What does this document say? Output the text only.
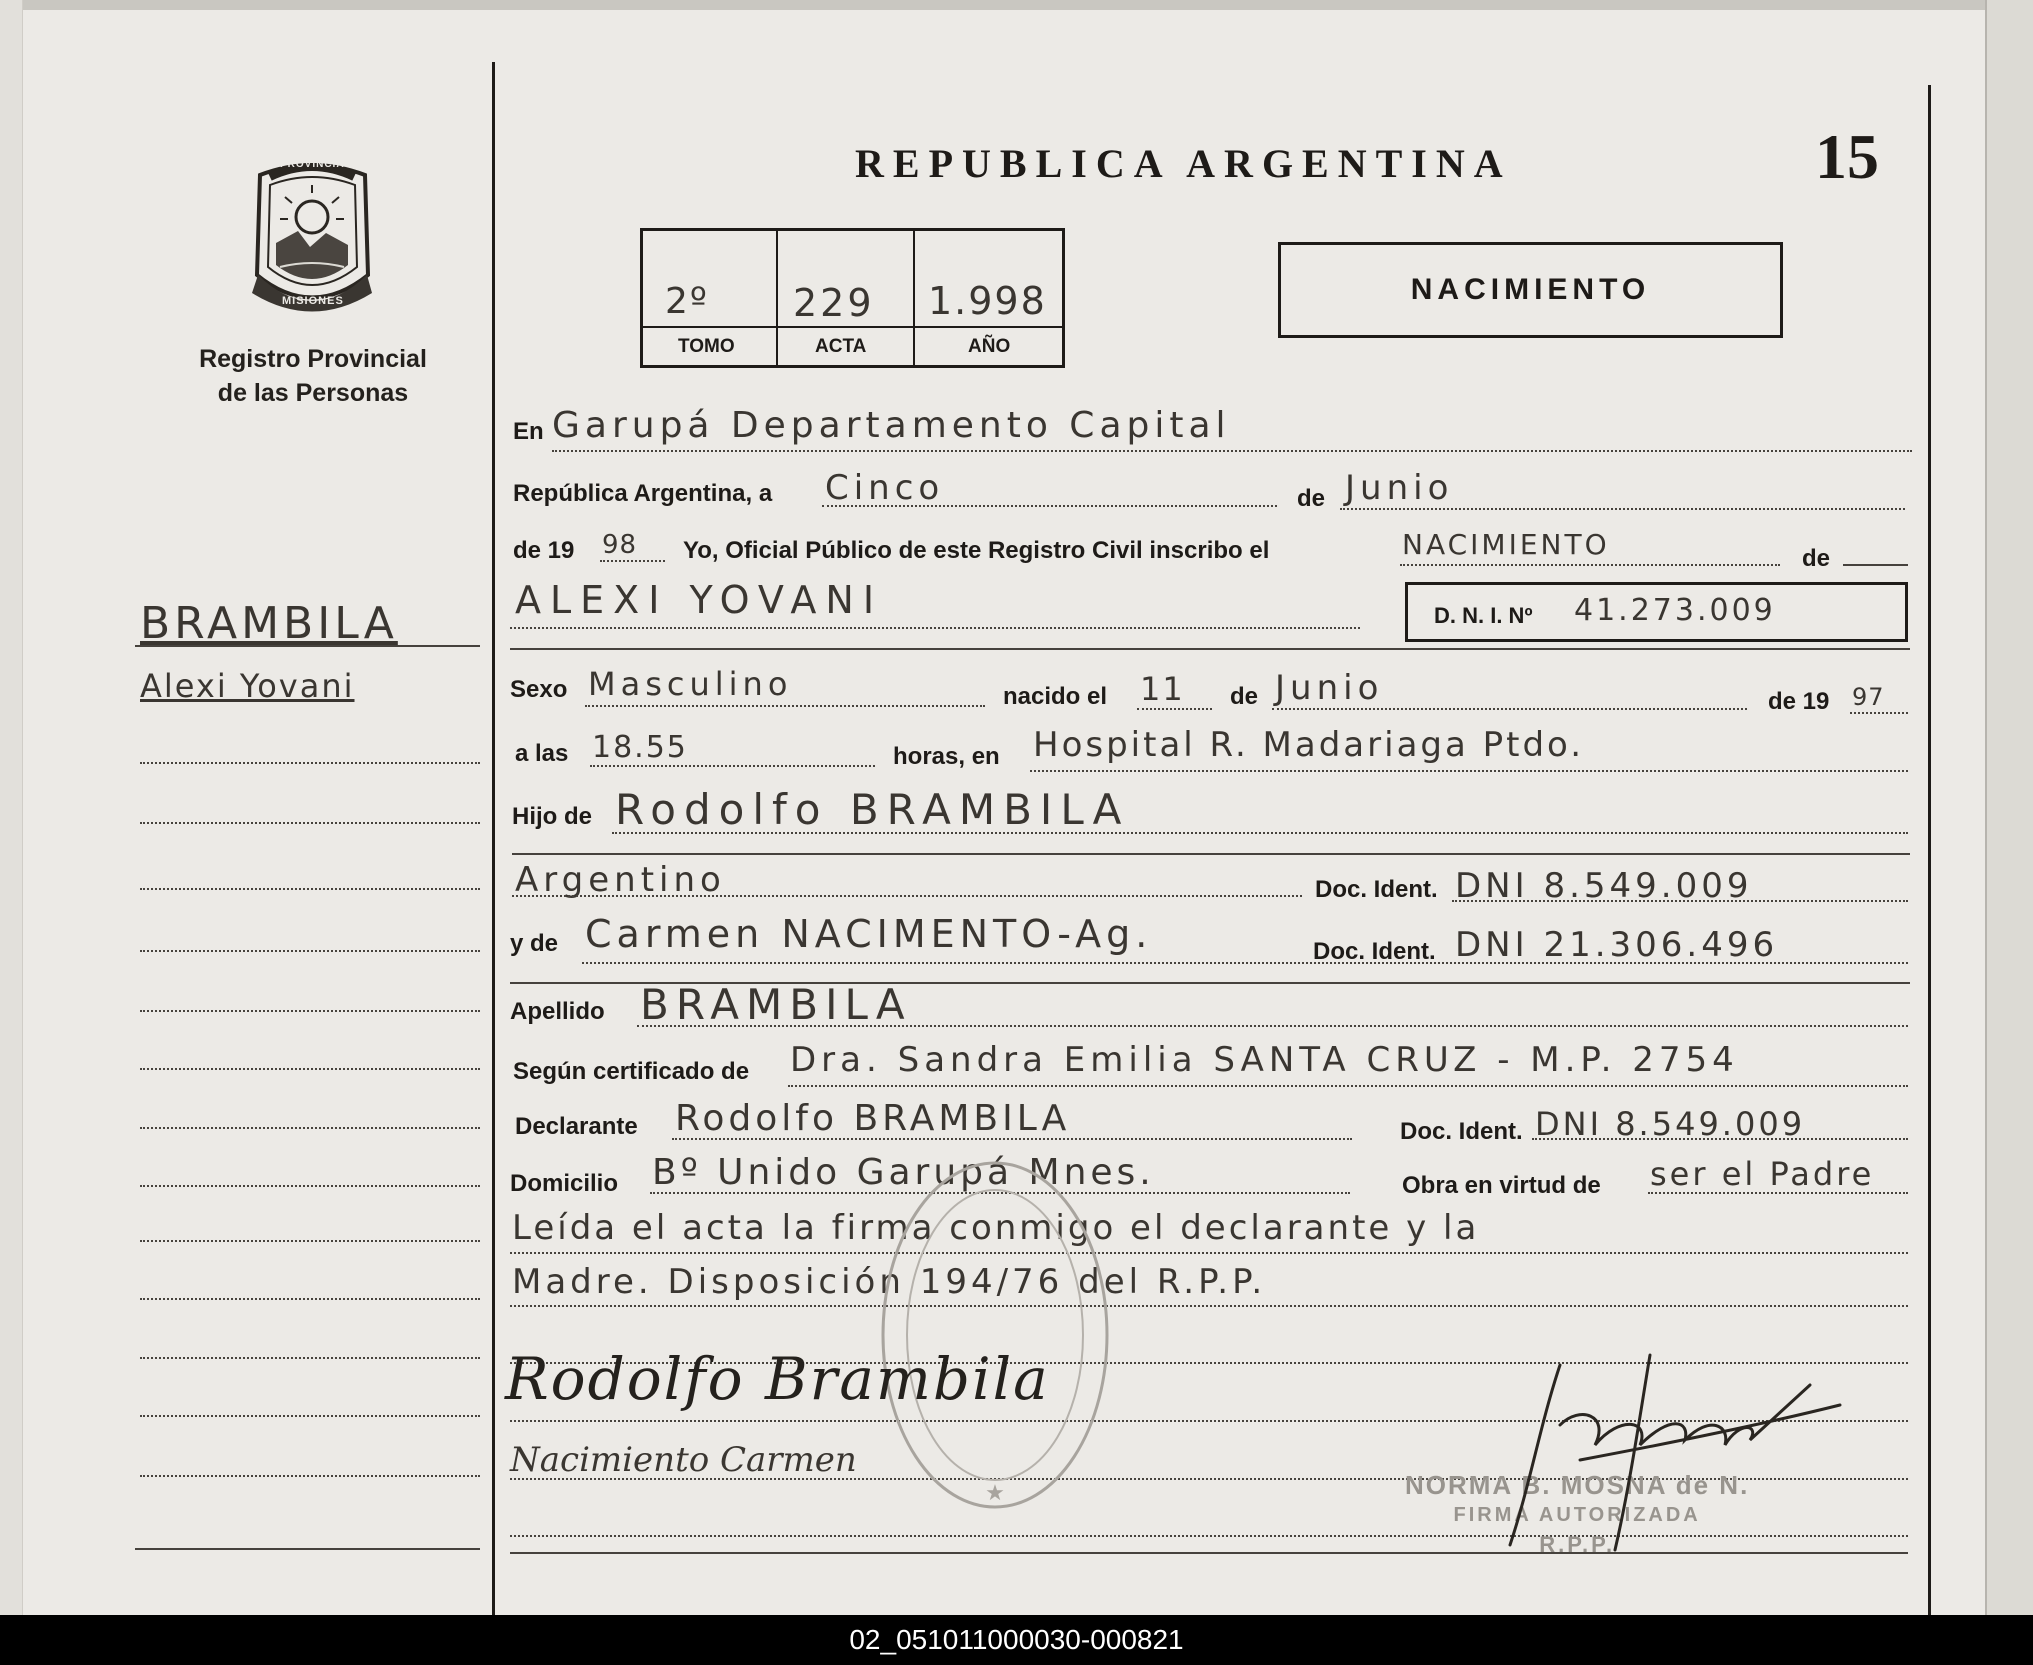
PROVINCIA DE
MISIONES
Registro Provincial
de las Personas
REPUBLICA ARGENTINA	15
2º 229 1.998
TOMO	ACTA	AÑO
NACIMIENTO
BRAMBILA
Alexi Yovani
En Garupá Departamento Capital
República Argentina, a Cinco	de Junio
de 19 98 Yo, Oficial Público de este Registro Civil inscribo el	NACIMIENTO	de
ALEXI YOVANI	D. N. I. Nº 41.273.009
Sexo Masculino	nacido el 11 de Junio	de 19 97
a las 18.55	horas, en Hospital R. Madariaga Ptdo.
Hijo de Rodolfo BRAMBILA
Argentino	Doc. Ident. DNI 8.549.009
y de Carmen NACIMENTO-Ag.	Doc. Ident. DNI 21.306.496
Apellido BRAMBILA
Según certificado de Dra. Sandra Emilia SANTA CRUZ - M.P. 2754
Declarante Rodolfo BRAMBILA	Doc. Ident. DNI 8.549.009
Domicilio Bº Unido Garupá Mnes.	Obra en virtud de ser el Padre
Leída el acta la firma conmigo el declarante y la
Madre. Disposición 194/76 del R.P.P.
★
Rodolfo Brambila
Nacimiento Carmen
NORMA B. MOSNA de N.
FIRMA AUTORIZADA
R.P.P.
02_051011000030-000821
